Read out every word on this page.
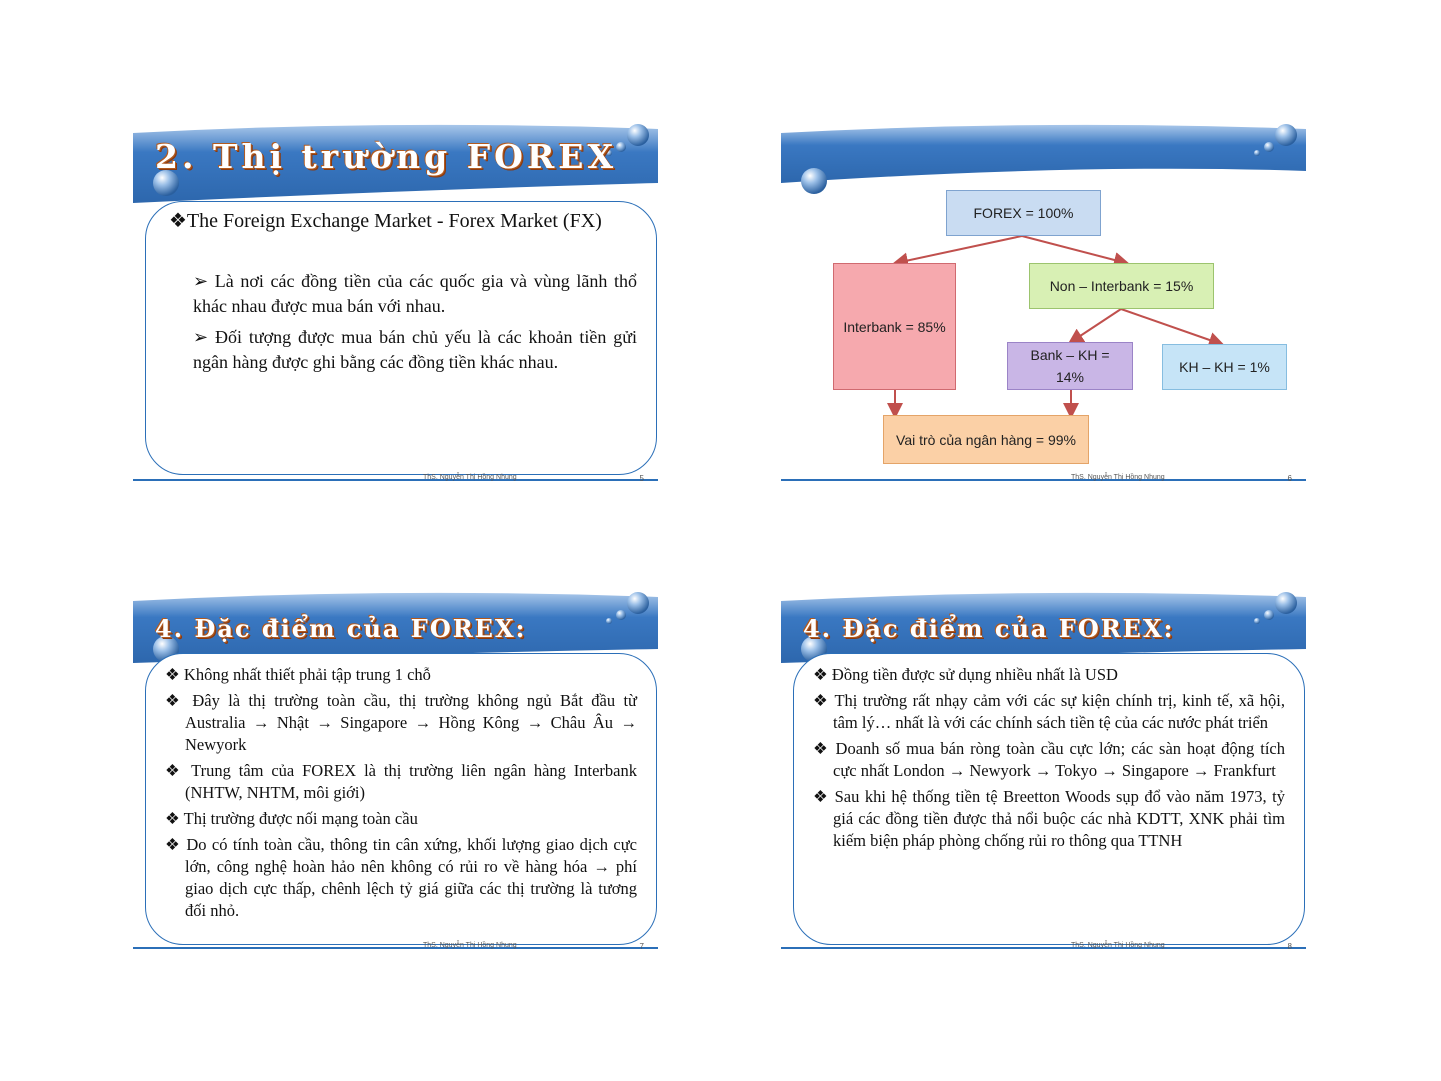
2. Thị trường FOREX
❖The Foreign Exchange Market - Forex Market (FX)
➢ Là nơi các đồng tiền của các quốc gia và vùng lãnh thổ khác nhau được mua bán với nhau.
➢ Đối tượng được mua bán chủ yếu là các khoản tiền gửi ngân hàng được ghi bằng các đồng tiền khác nhau.
ThS. Nguyễn Thị Hồng Nhung	5
FOREX = 100%
Non – Interbank = 15%
Interbank = 85%
Bank – KH = 14%
KH – KH = 1%
Vai trò của ngân hàng = 99%
ThS. Nguyễn Thị Hồng Nhung	6
4. Đặc điểm của FOREX:
❖ Không nhất thiết phải tập trung 1 chỗ
❖ Đây là thị trường toàn cầu, thị trường không ngủ Bắt đầu từ Australia → Nhật → Singapore → Hồng Kông → Châu Âu → Newyork
❖ Trung tâm của FOREX là thị trường liên ngân hàng Interbank (NHTW, NHTM, môi giới)
❖ Thị trường được nối mạng toàn cầu
❖ Do có tính toàn cầu, thông tin cân xứng, khối lượng giao dịch cực lớn, công nghệ hoàn hảo nên không có rủi ro về hàng hóa → phí giao dịch cực thấp, chênh lệch tỷ giá giữa các thị trường là tương đối nhỏ.
ThS. Nguyễn Thị Hồng Nhung	7
4. Đặc điểm của FOREX:
❖ Đồng tiền được sử dụng nhiều nhất là USD
❖ Thị trường rất nhạy cảm với các sự kiện chính trị, kinh tế, xã hội, tâm lý… nhất là với các chính sách tiền tệ của các nước phát triển
❖ Doanh số mua bán ròng toàn cầu cực lớn; các sàn hoạt động tích cực nhất London → Newyork → Tokyo → Singapore → Frankfurt
❖ Sau khi hệ thống tiền tệ Breetton Woods sụp đổ vào năm 1973, tỷ giá các đồng tiền được thả nổi buộc các nhà KDTT, XNK phải tìm kiếm biện pháp phòng chống rủi ro thông qua TTNH
ThS. Nguyễn Thị Hồng Nhung	8
